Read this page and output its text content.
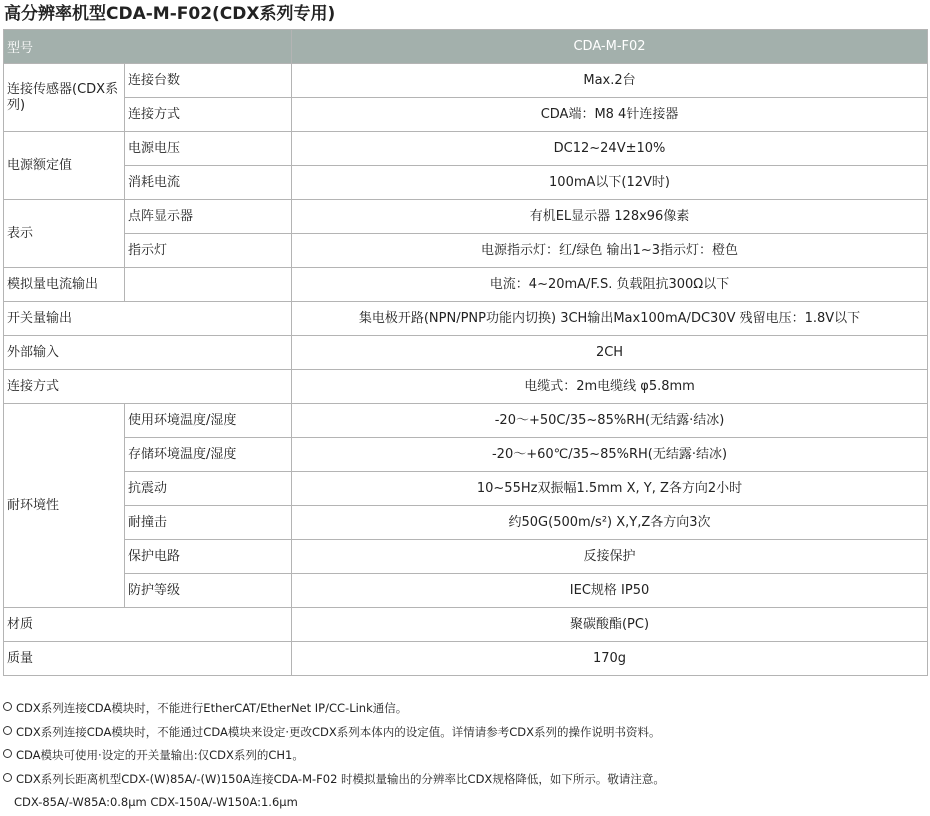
高分辨率机型CDA-M-F02(CDX系列专用)
型号		CDA-M-F02
连接传感器(CDX系列)	连接台数	Max.2台
	连接方式	CDA端：M8 4针连接器
电源额定值	电源电压	DC12~24V±10%
	消耗电流	100mA以下(12V时)
表示	点阵显示器	有机EL显示器 128x96像素
	指示灯	电源指示灯：红/绿色 输出1~3指示灯：橙色
模拟量电流输出		电流：4~20mA/F.S. 负载阻抗300Ω以下
开关量输出		集电极开路(NPN/PNP功能内切换) 3CH输出Max100mA/DC30V 残留电压：1.8V以下
外部输入		2CH
连接方式		电缆式：2m电缆线 φ5.8mm
耐环境性	使用环境温度/湿度	-20～+50C/35~85%RH(无结露·结冰)
	存储环境温度/湿度	-20～+60℃/35~85%RH(无结露·结冰)
	抗震动	10~55Hz双振幅1.5mm X, Y, Z各方向2小时
	耐撞击	约50G(500m/s²) X,Y,Z各方向3次
	保护电路	反接保护
	防护等级	IEC规格 IP50
材质		聚碳酸酯(PC)
质量		170g
CDX系列连接CDA模块时，不能进行EtherCAT/EtherNet IP/CC-Link通信。
CDX系列连接CDA模块时，不能通过CDA模块来设定·更改CDX系列本体内的设定值。详情请参考CDX系列的操作说明书资料。
CDA模块可使用·设定的开关量输出:仅CDX系列的CH1。
CDX系列长距离机型CDX-(W)85A/-(W)150A连接CDA-M-F02 时模拟量输出的分辨率比CDX规格降低，如下所示。敬请注意。
CDX-85A/-W85A:0.8μm CDX-150A/-W150A:1.6μm
